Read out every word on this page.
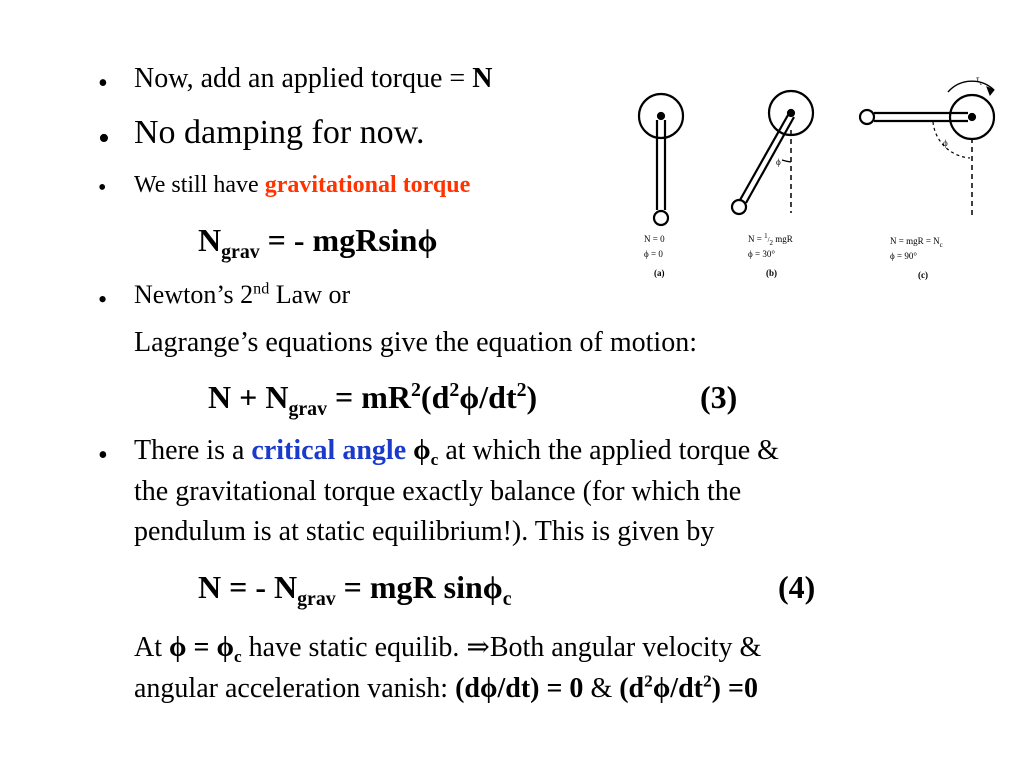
• Now, add an applied torque = N
• No damping for now.
• We still have gravitational torque
$N_{grav}$ = - mgRsinϕ
• Newton’s 2nd Law or
Lagrange’s equations give the equation of motion:
$N + N_{grav} = mR^2(d^2\phi/dt^2)$	(3)
• There is a critical angle $\phi_c$ at which the applied torque &
the gravitational torque exactly balance (for which the
pendulum is at static equilibrium!). This is given by
N = - $N_{grav}$ = mgR sinϕ$_c$	(4)
At $\phi = \phi_c$ have static equilib. ⇒Both angular velocity &
angular acceleration vanish: (dϕ/dt) = 0 & $(d^2\phi/dt^2) =0$
N = 0
ϕ = 0
(a)
ϕ
N = $^1_{/2}$ mgR
ϕ = 30°
(b)
ϕ
$\tau_c$
N = mgR = $N_c$
ϕ = 90°
(c)
